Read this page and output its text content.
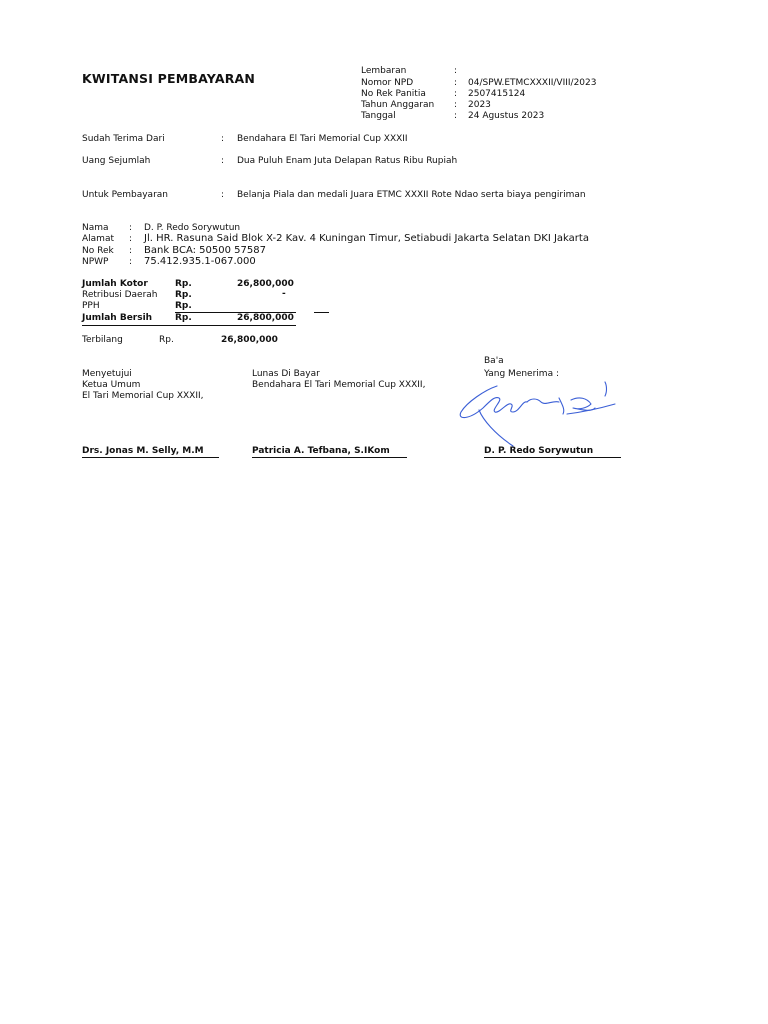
KWITANSI PEMBAYARAN	Lembaran	:
Nomor NPD	: 04/SPW.ETMCXXXII/VIII/2023
No Rek Panitia	: 2507415124
Tahun Anggaran : 2023
Tanggal	: 24 Agustus 2023
Sudah Terima Dari	: Bendahara El Tari Memorial Cup XXXII
Uang Sejumlah	: Dua Puluh Enam Juta Delapan Ratus Ribu Rupiah
Untuk Pembayaran	: Belanja Piala dan medali Juara ETMC XXXII Rote Ndao serta biaya pengiriman
Nama : D. P. Redo Sorywutun
Alamat : Jl. HR. Rasuna Said Blok X-2 Kav. 4 Kuningan Timur, Setiabudi Jakarta Selatan DKI Jakarta
No Rek : Bank BCA: 50500 57587
NPWP : 75.412.935.1-067.000
Jumlah Kotor	Rp.	26,800,000
Retribusi Daerah Rp.	-
PPH	Rp.
Jumlah Bersih	Rp.	26,800,000
Terbilang	Rp.	26,800,000
Menyetujui
Ketua Umum
El Tari Memorial Cup XXXII,
Drs. Jonas M. Selly, M.M
Lunas Di Bayar
Bendahara El Tari Memorial Cup XXXII,
Patricia A. Tefbana, S.IKom
Ba'a
Yang Menerima :
D. P. Redo Sorywutun
